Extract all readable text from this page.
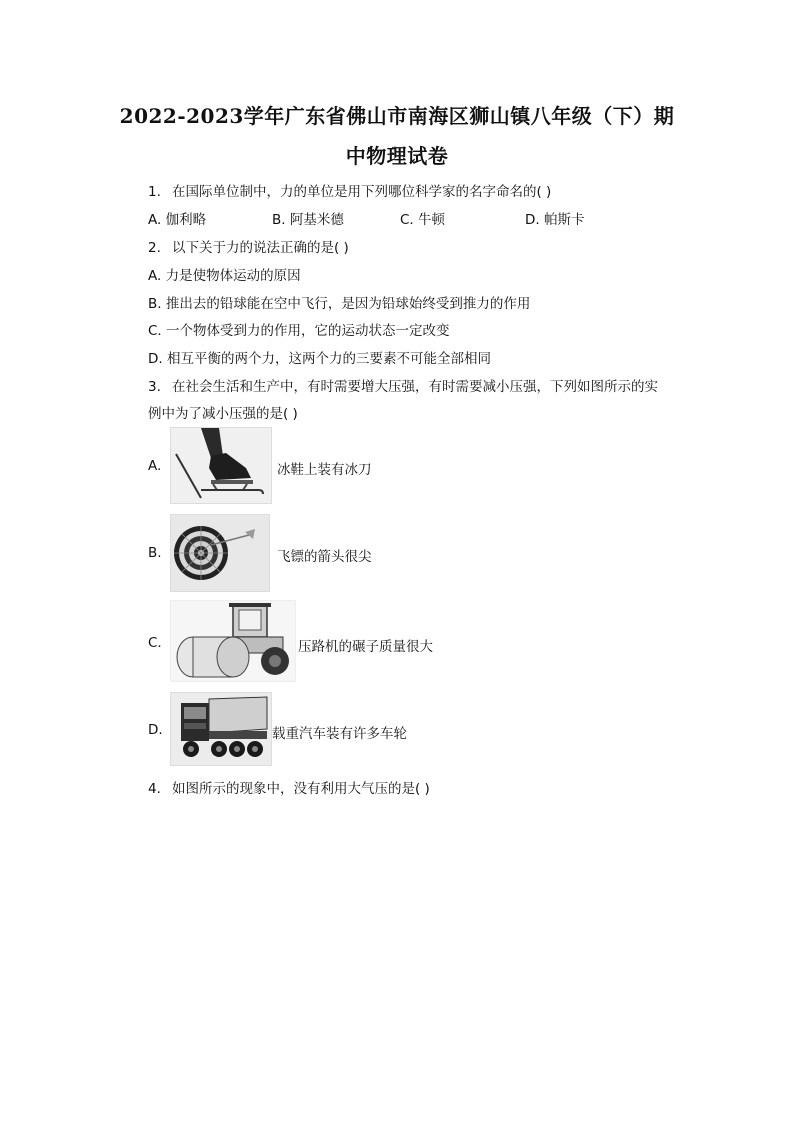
2022-2023学年广东省佛山市南海区狮山镇八年级（下）期
中物理试卷
1. 在国际单位制中，力的单位是用下列哪位科学家的名字命名的( )
A. 伽利略	B. 阿基米德	C. 牛顿	D. 帕斯卡
2. 以下关于力的说法正确的是( )
A. 力是使物体运动的原因
B. 推出去的铅球能在空中飞行，是因为铅球始终受到推力的作用
C. 一个物体受到力的作用，它的运动状态一定改变
D. 相互平衡的两个力，这两个力的三要素不可能全部相同
3. 在社会生活和生产中，有时需要增大压强，有时需要减小压强，下列如图所示的实
例中为了减小压强的是( )
A.	冰鞋上装有冰刀
B.	飞镖的箭头很尖
C.	压路机的碾子质量很大
D.	载重汽车装有许多车轮
4. 如图所示的现象中，没有利用大气压的是( )
